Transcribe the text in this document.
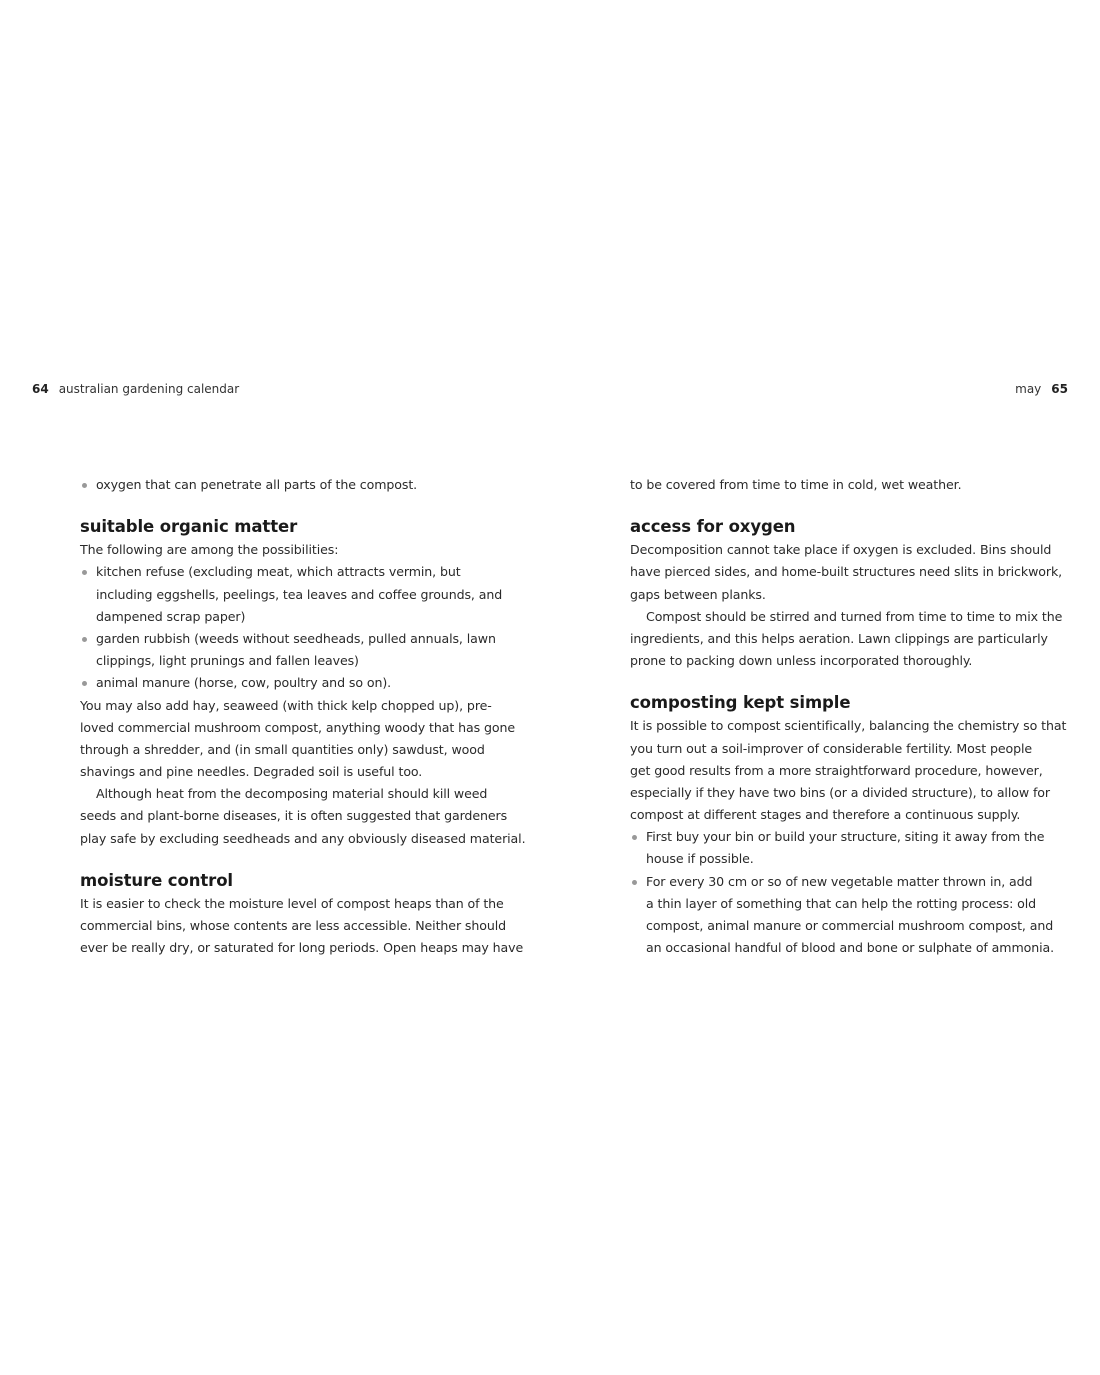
64 australian gardening calendar	may 65
oxygen that can penetrate all parts of the compost.
suitable organic matter
The following are among the possibilities:
kitchen refuse (excluding meat, which attracts vermin, but
including eggshells, peelings, tea leaves and coffee grounds, and
dampened scrap paper)
garden rubbish (weeds without seedheads, pulled annuals, lawn
clippings, light prunings and fallen leaves)
animal manure (horse, cow, poultry and so on).
You may also add hay, seaweed (with thick kelp chopped up), pre-
loved commercial mushroom compost, anything woody that has gone
through a shredder, and (in small quantities only) sawdust, wood
shavings and pine needles. Degraded soil is useful too.
Although heat from the decomposing material should kill weed
seeds and plant-borne diseases, it is often suggested that gardeners
play safe by excluding seedheads and any obviously diseased material.
moisture control
It is easier to check the moisture level of compost heaps than of the
commercial bins, whose contents are less accessible. Neither should
ever be really dry, or saturated for long periods. Open heaps may have
to be covered from time to time in cold, wet weather.
access for oxygen
Decomposition cannot take place if oxygen is excluded. Bins should
have pierced sides, and home-built structures need slits in brickwork,
gaps between planks.
Compost should be stirred and turned from time to time to mix the
ingredients, and this helps aeration. Lawn clippings are particularly
prone to packing down unless incorporated thoroughly.
composting kept simple
It is possible to compost scientifically, balancing the chemistry so that
you turn out a soil-improver of considerable fertility. Most people
get good results from a more straightforward procedure, however,
especially if they have two bins (or a divided structure), to allow for
compost at different stages and therefore a continuous supply.
First buy your bin or build your structure, siting it away from the
house if possible.
For every 30 cm or so of new vegetable matter thrown in, add
a thin layer of something that can help the rotting process: old
compost, animal manure or commercial mushroom compost, and
an occasional handful of blood and bone or sulphate of ammonia.
